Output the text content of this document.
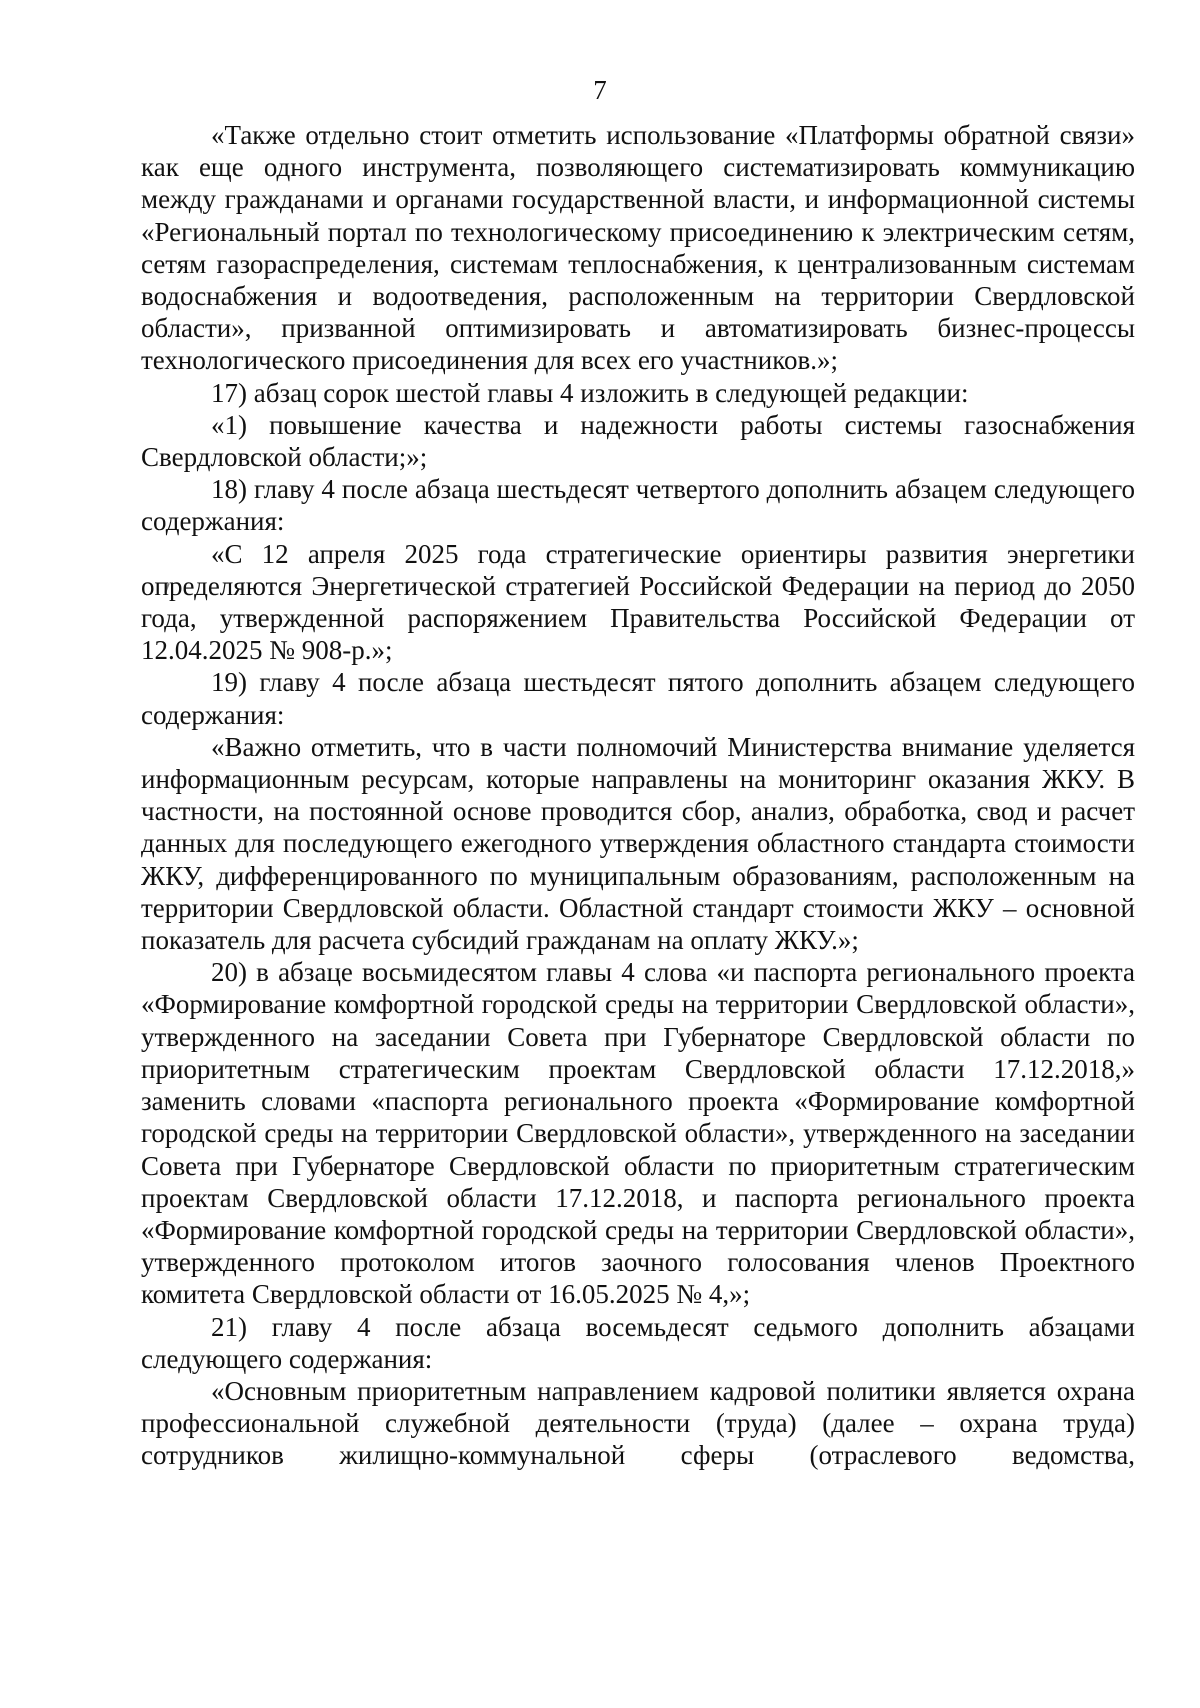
7

«Также отдельно стоит отметить использование «Платформы обратной связи» как еще одного инструмента, позволяющего систематизировать коммуникацию между гражданами и органами государственной власти, и информационной системы «Региональный портал по технологическому присоединению к электрическим сетям, сетям газораспределения, системам теплоснабжения, к централизованным системам водоснабжения и водоотведения, расположенным на территории Свердловской области», призванной оптимизировать и автоматизировать бизнес-процессы технологического присоединения для всех его участников.»;

17) абзац сорок шестой главы 4 изложить в следующей редакции:

«1) повышение качества и надежности работы системы газоснабжения Свердловской области;»;

18) главу 4 после абзаца шестьдесят четвертого дополнить абзацем следующего содержания:

«С 12 апреля 2025 года стратегические ориентиры развития энергетики определяются Энергетической стратегией Российской Федерации на период до 2050 года, утвержденной распоряжением Правительства Российской Федерации от 12.04.2025 № 908-р.»;

19) главу 4 после абзаца шестьдесят пятого дополнить абзацем следующего содержания:

«Важно отметить, что в части полномочий Министерства внимание уделяется информационным ресурсам, которые направлены на мониторинг оказания ЖКУ. В частности, на постоянной основе проводится сбор, анализ, обработка, свод и расчет данных для последующего ежегодного утверждения областного стандарта стоимости ЖКУ, дифференцированного по муниципальным образованиям, расположенным на территории Свердловской области. Областной стандарт стоимости ЖКУ – основной показатель для расчета субсидий гражданам на оплату ЖКУ.»;

20) в абзаце восьмидесятом главы 4 слова «и паспорта регионального проекта «Формирование комфортной городской среды на территории Свердловской области», утвержденного на заседании Совета при Губернаторе Свердловской области по приоритетным стратегическим проектам Свердловской области 17.12.2018,» заменить словами «паспорта регионального проекта «Формирование комфортной городской среды на территории Свердловской области», утвержденного на заседании Совета при Губернаторе Свердловской области по приоритетным стратегическим проектам Свердловской области 17.12.2018, и паспорта регионального проекта «Формирование комфортной городской среды на территории Свердловской области», утвержденного протоколом итогов заочного голосования членов Проектного комитета Свердловской области от 16.05.2025 № 4,»;

21) главу 4 после абзаца восемьдесят седьмого дополнить абзацами следующего содержания:

«Основным приоритетным направлением кадровой политики является охрана профессиональной служебной деятельности (труда) (далее – охрана труда) сотрудников жилищно-коммунальной сферы (отраслевого ведомства,
